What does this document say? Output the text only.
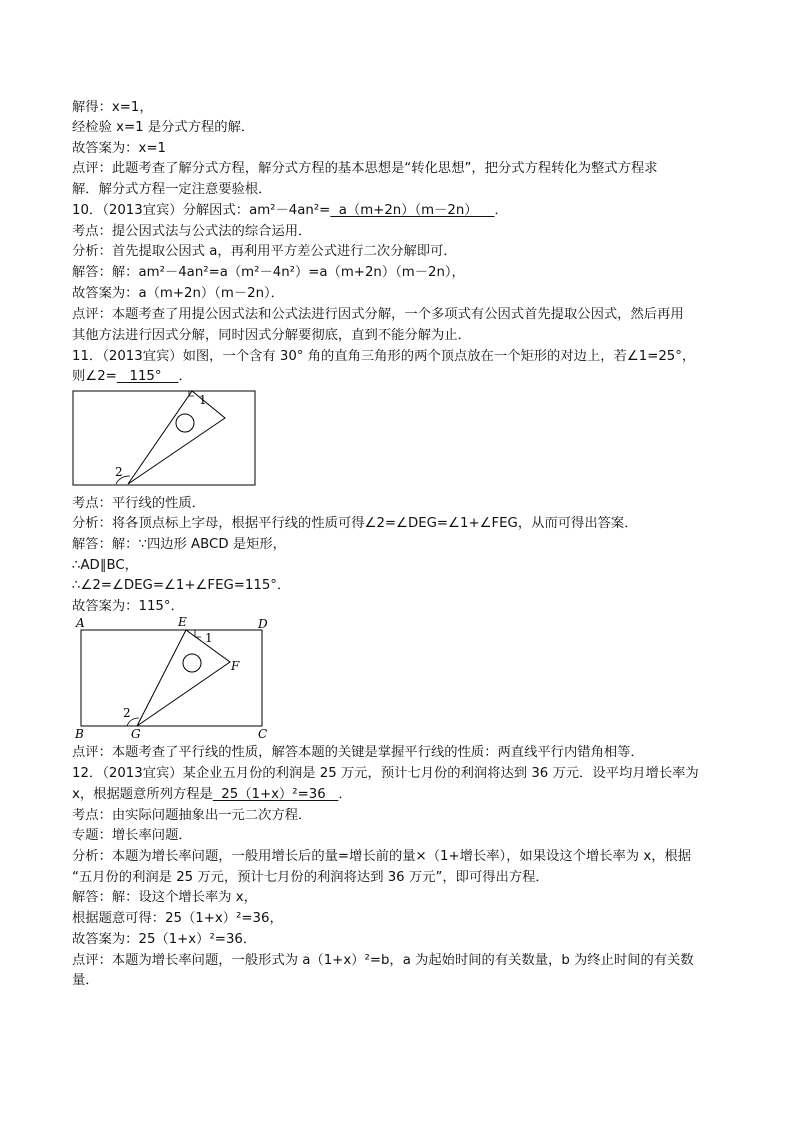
解得：x=1，
经检验 x=1 是分式方程的解．
故答案为：x=1
点评：此题考查了解分式方程，解分式方程的基本思想是“转化思想”，把分式方程转化为整式方程求
解．解分式方程一定注意要验根．
10．（2013宜宾）分解因式：am²－4an²=  a（m+2n）（m－2n）    ．
考点：提公因式法与公式法的综合运用．
分析：首先提取公因式 a，再利用平方差公式进行二次分解即可．
解答：解：am²－4an²=a（m²－4n²）=a（m+2n）（m－2n），
故答案为：a（m+2n）（m－2n）．
点评：本题考查了用提公因式法和公式法进行因式分解，一个多项式有公因式首先提取公因式，然后再用
其他方法进行因式分解，同时因式分解要彻底，直到不能分解为止．
11．（2013宜宾）如图，一个含有 30° 角的直角三角形的两个顶点放在一个矩形的对边上，若∠1=25°，
则∠2=   115°    ．
1
2
考点：平行线的性质．
分析：将各顶点标上字母，根据平行线的性质可得∠2=∠DEG=∠1+∠FEG，从而可得出答案．
解答：解：∵四边形 ABCD 是矩形，
∴AD∥BC，
∴∠2=∠DEG=∠1+∠FEG=115°．
故答案为：115°．
A	E	D
F
B	G	C
1
2
点评：本题考查了平行线的性质，解答本题的关键是掌握平行线的性质：两直线平行内错角相等．
12．（2013宜宾）某企业五月份的利润是 25 万元，预计七月份的利润将达到 36 万元．设平均月增长率为
x，根据题意所列方程是  25（1+x）²=36   ．
考点：由实际问题抽象出一元二次方程．
专题：增长率问题．
分析：本题为增长率问题，一般用增长后的量=增长前的量×（1+增长率），如果设这个增长率为 x，根据
“五月份的利润是 25 万元，预计七月份的利润将达到 36 万元”，即可得出方程．
解答：解：设这个增长率为 x，
根据题意可得：25（1+x）²=36，
故答案为：25（1+x）²=36．
点评：本题为增长率问题，一般形式为 a（1+x）²=b，a 为起始时间的有关数量，b 为终止时间的有关数
量．
